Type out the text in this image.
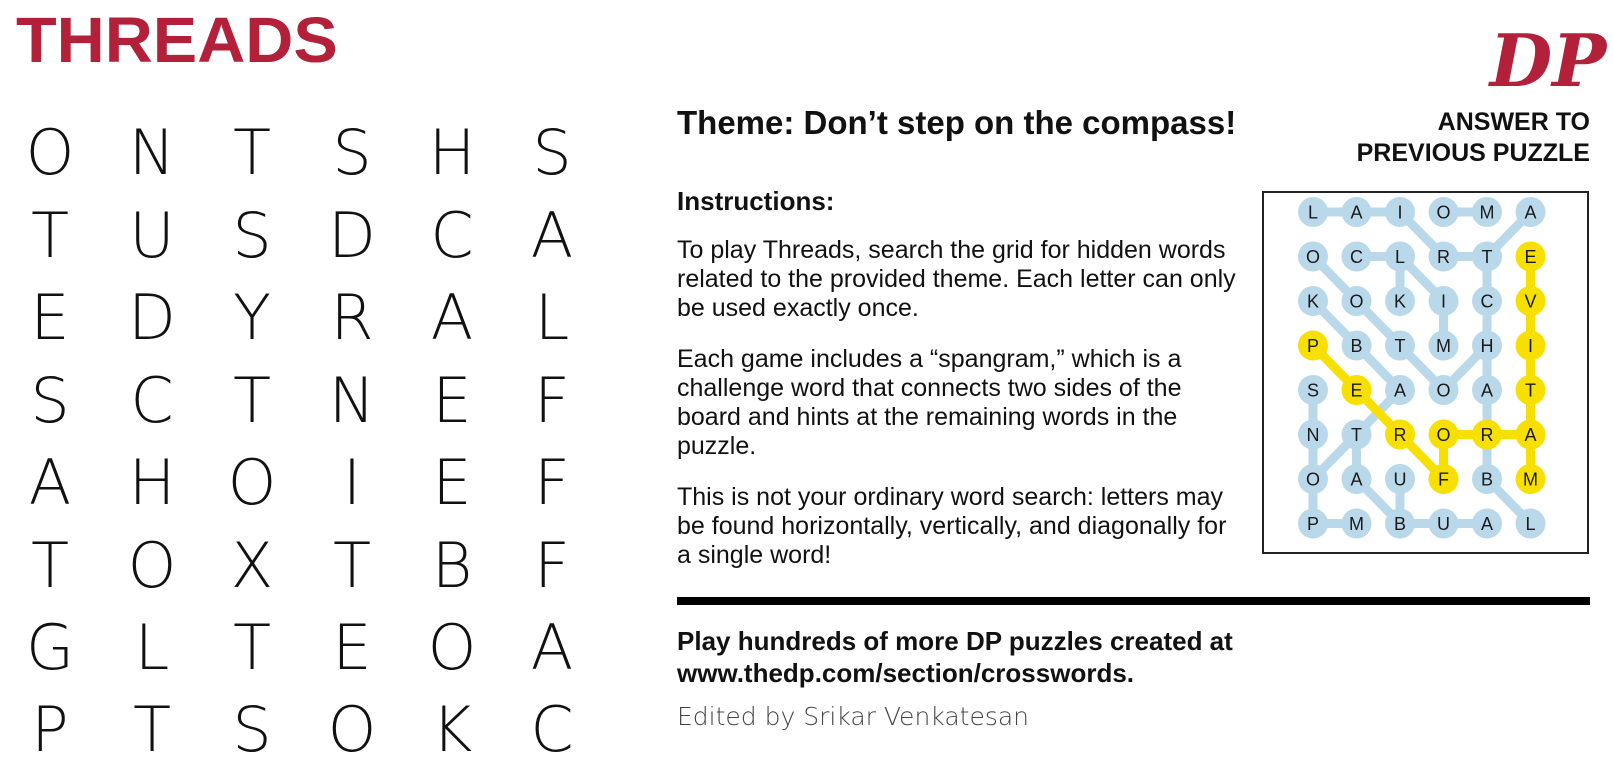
THREADS	DP
O N T S H S
T U S D C A
E D Y R A L
S C T N E	F
A H O	I	E	F
T O X T B F
G L	T E O A
P	T S O K C
Theme: Don’t step on the compass!
Instructions:

To play Threads, search the grid for hidden words related to the provided theme. Each letter can only be used exactly once.

Each game includes a “spangram,” which is a challenge word that connects two sides of the board and hints at the remaining words in the puzzle.

This is not your ordinary word search: letters may be found horizontally, vertically, and diagonally for a single word!

Play hundreds of more DP puzzles created at www.thedp.com/section/crosswords.

Edited by Srikar Venkatesan

ANSWER TO
PREVIOUS PUZZLE
L A I O M A
O C L R T E
K O K I C V
P B T M H I
S E A O A T
N T R O R A
O A U F B M
P M B U A L
